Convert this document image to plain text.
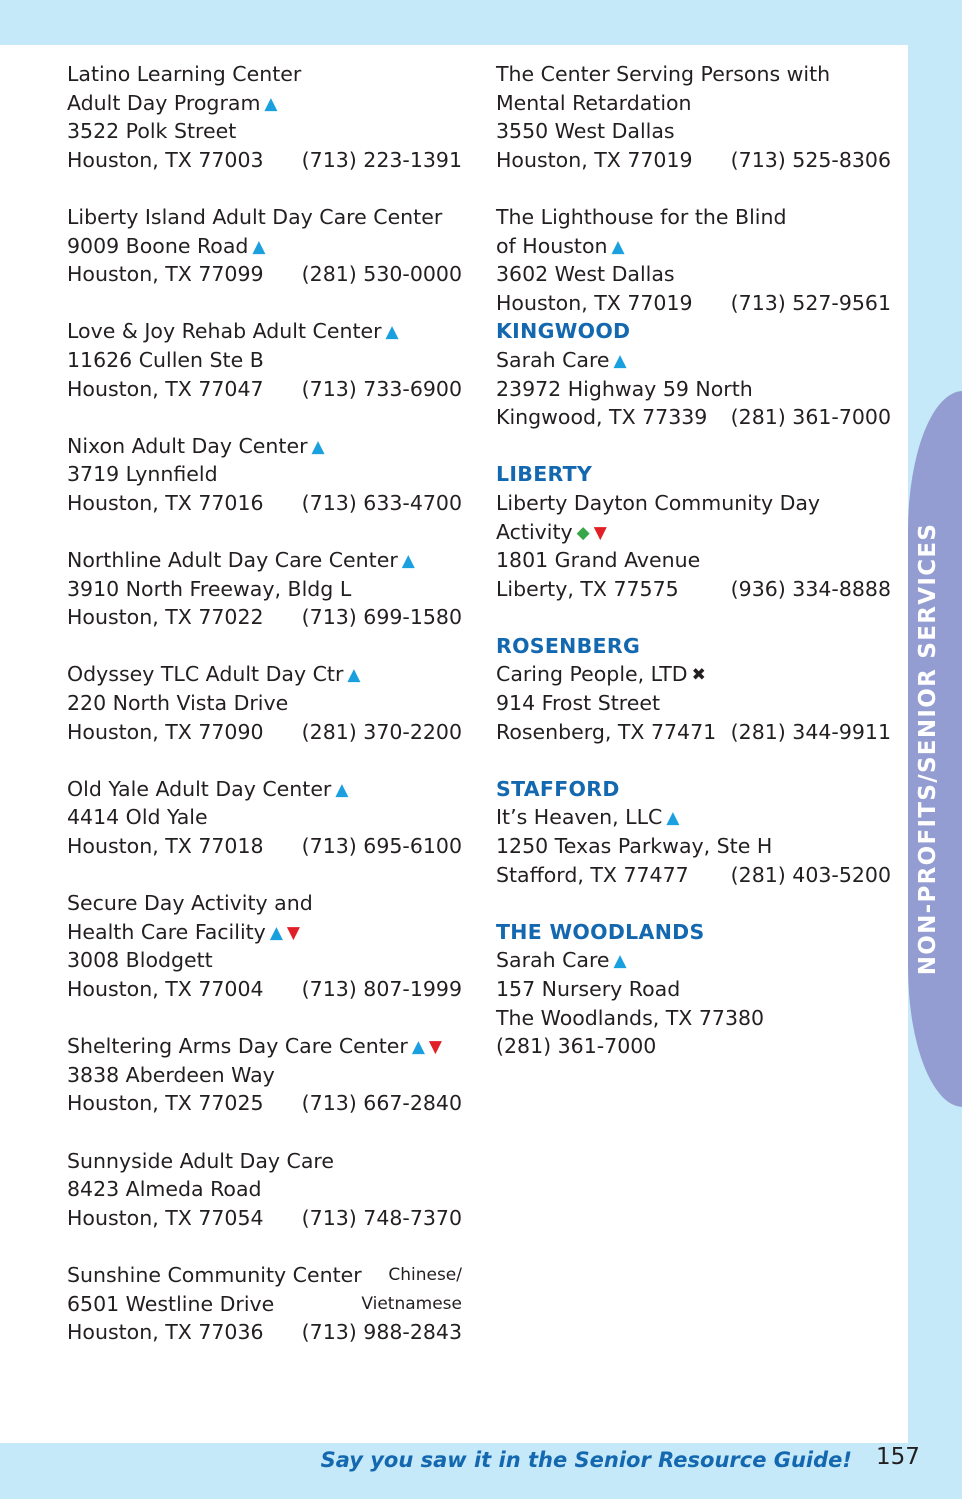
Latino Learning Center
Adult Day Program ▲
3522 Polk Street
Houston, TX 77003 (713) 223-1391
Liberty Island Adult Day Care Center
9009 Boone Road ▲
Houston, TX 77099 (281) 530-0000
Love & Joy Rehab Adult Center ▲
11626 Cullen Ste B
Houston, TX 77047 (713) 733-6900
Nixon Adult Day Center ▲
3719 Lynnfield
Houston, TX 77016 (713) 633-4700
Northline Adult Day Care Center ▲
3910 North Freeway, Bldg L
Houston, TX 77022 (713) 699-1580
Odyssey TLC Adult Day Ctr ▲
220 North Vista Drive
Houston, TX 77090 (281) 370-2200
Old Yale Adult Day Center ▲
4414 Old Yale
Houston, TX 77018 (713) 695-6100
Secure Day Activity and
Health Care Facility ▲ ▼
3008 Blodgett
Houston, TX 77004 (713) 807-1999
Sheltering Arms Day Care Center ▲ ▼
3838 Aberdeen Way
Houston, TX 77025 (713) 667-2840
Sunnyside Adult Day Care
8423 Almeda Road
Houston, TX 77054 (713) 748-7370
Sunshine Community Center Chinese/
6501 Westline Drive	Vietnamese
Houston, TX 77036 (713) 988-2843
The Center Serving Persons with
Mental Retardation
3550 West Dallas
Houston, TX 77019 (713) 525-8306
The Lighthouse for the Blind
of Houston ▲
3602 West Dallas
Houston, TX 77019 (713) 527-9561
KINGWOOD
Sarah Care ▲
23972 Highway 59 North
Kingwood, TX 77339 (281) 361-7000
LIBERTY
Liberty Dayton Community Day
Activity ◆ ▼
1801 Grand Avenue
Liberty, TX 77575	(936) 334-8888
ROSENBERG
Caring People, LTD ✖
914 Frost Street
Rosenberg, TX 77471 (281) 344-9911
STAFFORD
It’s Heaven, LLC ▲
1250 Texas Parkway, Ste H
Stafford, TX 77477 (281) 403-5200
THE WOODLANDS
Sarah Care ▲
157 Nursery Road
The Woodlands, TX 77380
(281) 361-7000
NON-PROFITS/SENIOR SERVICES
Say you saw it in the Senior Resource Guide! 157
